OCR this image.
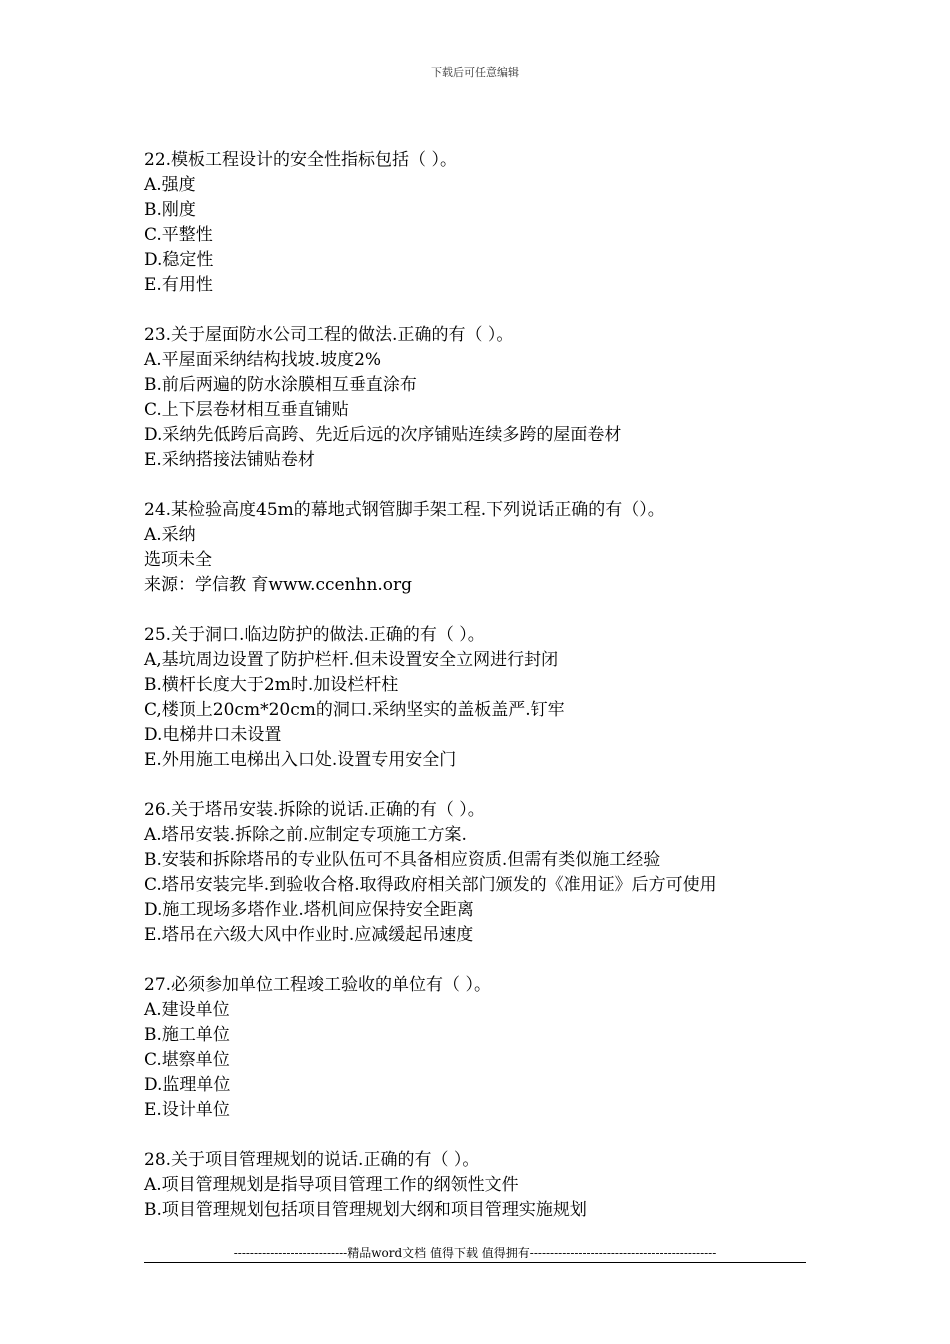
下载后可任意编辑
22.模板工程设计的安全性指标包括（ ）。
A.强度
B.刚度
C.平整性
D.稳定性
E.有用性
23.关于屋面防水公司工程的做法.正确的有（ ）。
A.平屋面采纳结构找坡.坡度2%
B.前后两遍的防水涂膜相互垂直涂布
C.上下层卷材相互垂直铺贴
D.采纳先低跨后高跨、先近后远的次序铺贴连续多跨的屋面卷材
E.采纳搭接法铺贴卷材
24.某检验高度45m的幕地式钢管脚手架工程.下列说话正确的有（）。
A.采纳
选项未全
来源：学信教 育www.ccenhn.org
25.关于洞口.临边防护的做法.正确的有（ ）。
A,基坑周边设置了防护栏杆.但未设置安全立网进行封闭
B.横杆长度大于2m时.加设栏杆柱
C,楼顶上20cm*20cm的洞口.采纳坚实的盖板盖严.钉牢
D.电梯井口未设置
E.外用施工电梯出入口处.设置专用安全门
26.关于塔吊安装.拆除的说话.正确的有（ ）。
A.塔吊安装.拆除之前.应制定专项施工方案.
B.安装和拆除塔吊的专业队伍可不具备相应资质.但需有类似施工经验
C.塔吊安装完毕.到验收合格.取得政府相关部门颁发的《准用证》后方可使用
D.施工现场多塔作业.塔机间应保持安全距离
E.塔吊在六级大风中作业时.应减缓起吊速度
27.必须参加单位工程竣工验收的单位有（ ）。
A.建设单位
B.施工单位
C.堪察单位
D.监理单位
E.设计单位
28.关于项目管理规划的说话.正确的有（ ）。
A.项目管理规划是指导项目管理工作的纲领性文件
B.项目管理规划包括项目管理规划大纲和项目管理实施规划
----------------------------精品word文档 值得下载 值得拥有----------------------------------------------
